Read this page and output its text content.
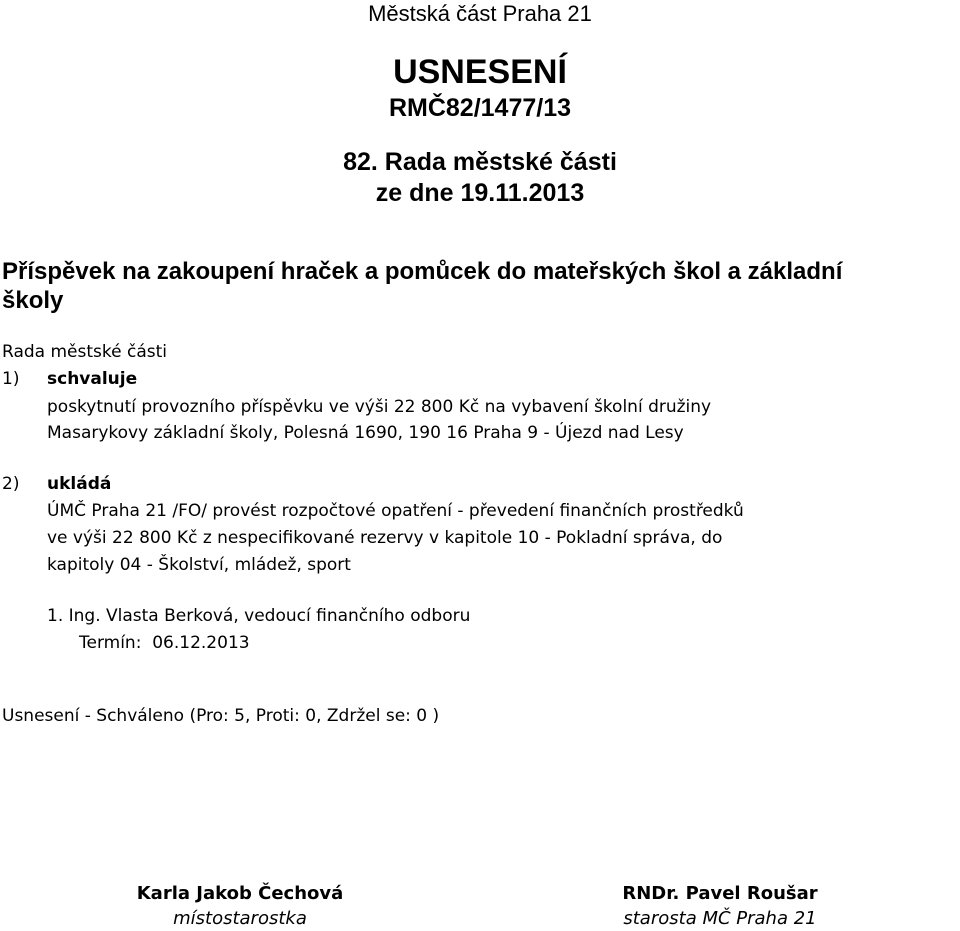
Městská část Praha 21
USNESENÍ
RMČ82/1477/13
82. Rada městské části
ze dne 19.11.2013
Příspěvek na zakoupení hraček a pomůcek do mateřských škol a základní
školy
Rada městské části
1) schvaluje
poskytnutí provozního příspěvku ve výši 22 800 Kč na vybavení školní družiny
Masarykovy základní školy, Polesná 1690, 190 16 Praha 9 - Újezd nad Lesy
2) ukládá
ÚMČ Praha 21 /FO/ provést rozpočtové opatření - převedení finančních prostředků
ve výši 22 800 Kč z nespecifikované rezervy v kapitole 10 - Pokladní správa, do
kapitoly 04 - Školství, mládež, sport
1. Ing. Vlasta Berková, vedoucí finančního odboru
Termín:  06.12.2013
Usnesení - Schváleno (Pro: 5, Proti: 0, Zdržel se: 0 )
Karla Jakob Čechová
místostarostka
RNDr. Pavel Roušar
starosta MČ Praha 21
